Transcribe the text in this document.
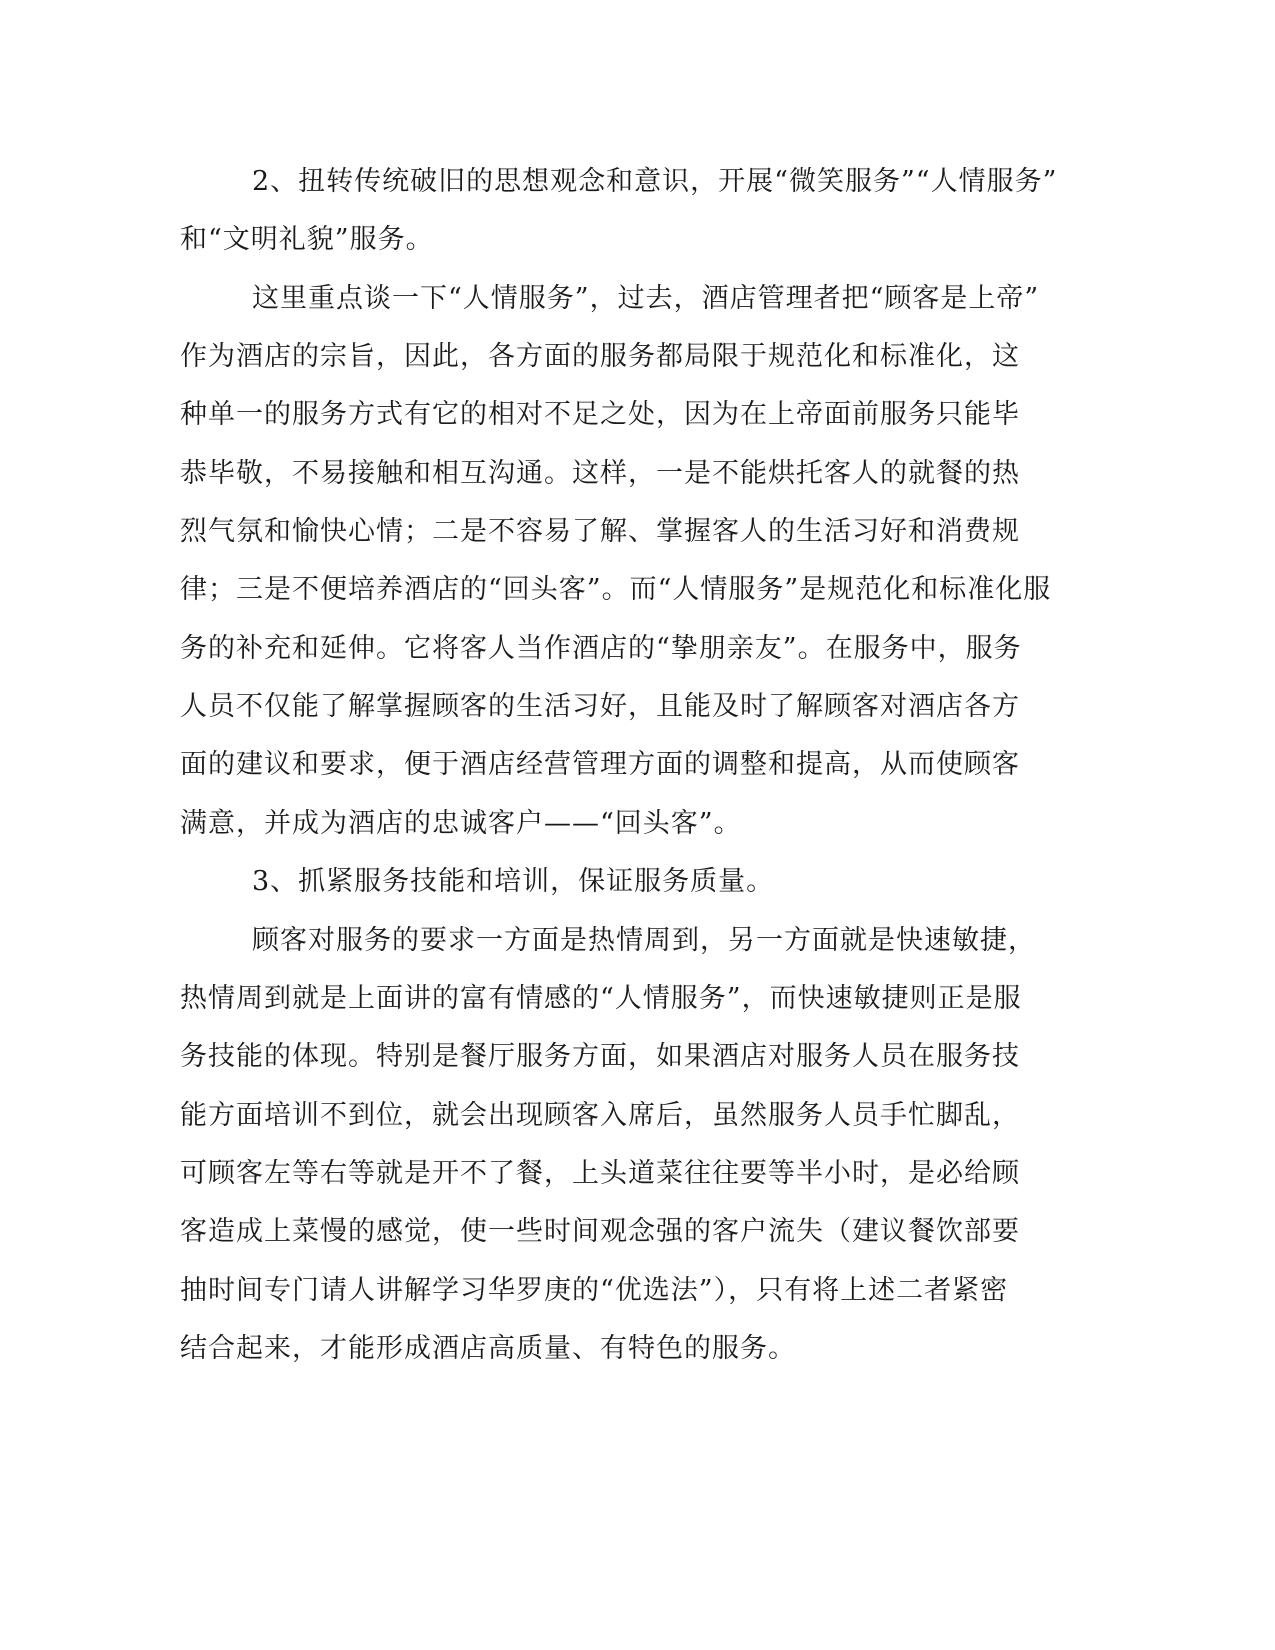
2、扭转传统破旧的思想观念和意识，开展“微笑服务”“人情服务”

和“文明礼貌”服务。

这里重点谈一下“人情服务”，过去，酒店管理者把“顾客是上帝”

作为酒店的宗旨，因此，各方面的服务都局限于规范化和标准化，这

种单一的服务方式有它的相对不足之处，因为在上帝面前服务只能毕

恭毕敬，不易接触和相互沟通。这样，一是不能烘托客人的就餐的热

烈气氛和愉快心情；二是不容易了解、掌握客人的生活习好和消费规

律；三是不便培养酒店的“回头客”。而“人情服务”是规范化和标准化服

务的补充和延伸。它将客人当作酒店的“挚朋亲友”。在服务中，服务

人员不仅能了解掌握顾客的生活习好，且能及时了解顾客对酒店各方

面的建议和要求，便于酒店经营管理方面的调整和提高，从而使顾客

满意，并成为酒店的忠诚客户——“回头客”。

3、抓紧服务技能和培训，保证服务质量。

顾客对服务的要求一方面是热情周到，另一方面就是快速敏捷，

热情周到就是上面讲的富有情感的“人情服务”，而快速敏捷则正是服

务技能的体现。特别是餐厅服务方面，如果酒店对服务人员在服务技

能方面培训不到位，就会出现顾客入席后，虽然服务人员手忙脚乱，

可顾客左等右等就是开不了餐，上头道菜往往要等半小时，是必给顾

客造成上菜慢的感觉，使一些时间观念强的客户流失（建议餐饮部要

抽时间专门请人讲解学习华罗庚的“优选法”），只有将上述二者紧密

结合起来，才能形成酒店高质量、有特色的服务。
